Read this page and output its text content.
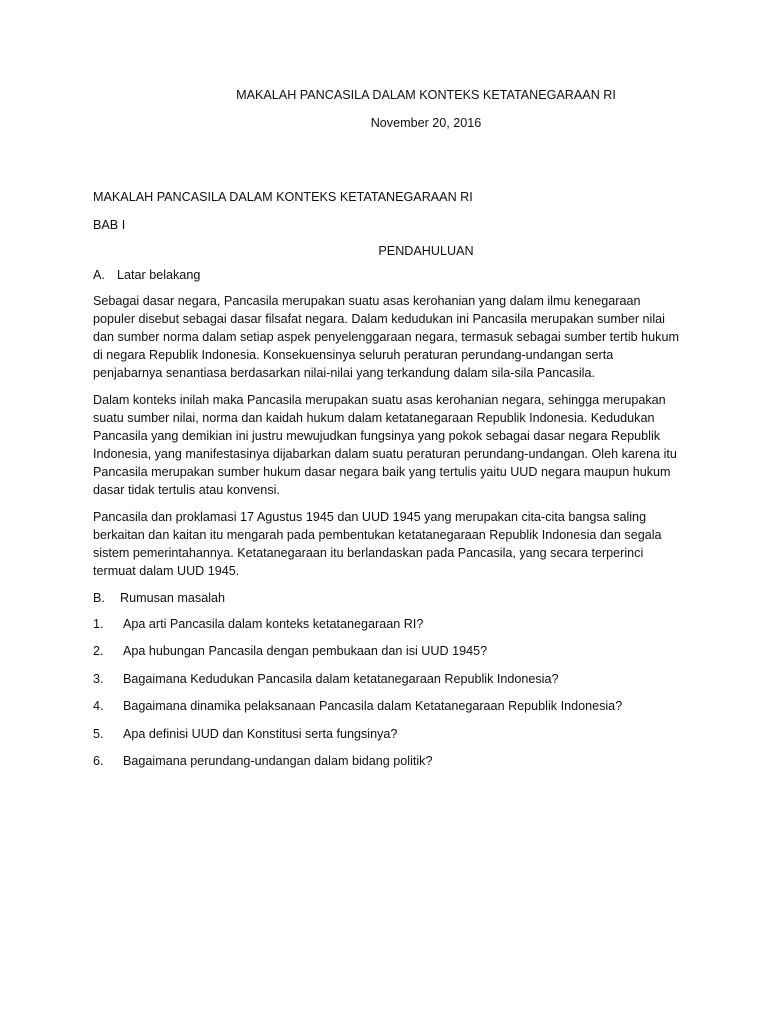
MAKALAH PANCASILA DALAM KONTEKS KETATANEGARAAN RI
November 20, 2016
MAKALAH PANCASILA DALAM KONTEKS KETATANEGARAAN RI
BAB I
PENDAHULUAN
A. Latar belakang

Sebagai dasar negara, Pancasila merupakan suatu asas kerohanian yang dalam ilmu kenegaraan populer disebut sebagai dasar filsafat negara. Dalam kedudukan ini Pancasila merupakan sumber nilai dan sumber norma dalam setiap aspek penyelenggaraan negara, termasuk sebagai sumber tertib hukum di negara Republik Indonesia. Konsekuensinya seluruh peraturan perundang-undangan serta penjabarnya senantiasa berdasarkan nilai-nilai yang terkandung dalam sila-sila Pancasila.

Dalam konteks inilah maka Pancasila merupakan suatu asas kerohanian negara, sehingga merupakan suatu sumber nilai, norma dan kaidah hukum dalam ketatanegaraan Republik Indonesia. Kedudukan Pancasila yang demikian ini justru mewujudkan fungsinya yang pokok sebagai dasar negara Republik Indonesia, yang manifestasinya dijabarkan dalam suatu peraturan perundang-undangan. Oleh karena itu Pancasila merupakan sumber hukum dasar negara baik yang tertulis yaitu UUD negara maupun hukum dasar tidak tertulis atau konvensi.

Pancasila dan proklamasi 17 Agustus 1945 dan UUD 1945 yang merupakan cita-cita bangsa saling berkaitan dan kaitan itu mengarah pada pembentukan ketatanegaraan Republik Indonesia dan segala sistem pemerintahannya. Ketatanegaraan itu berlandaskan pada Pancasila, yang secara terperinci termuat dalam UUD 1945.

B.	Rumusan masalah
1.	Apa arti Pancasila dalam konteks ketatanegaraan RI?
2.	Apa hubungan Pancasila dengan pembukaan dan isi UUD 1945?
3.	Bagaimana Kedudukan Pancasila dalam ketatanegaraan Republik Indonesia?
4.	Bagaimana dinamika pelaksanaan Pancasila dalam Ketatanegaraan Republik Indonesia?
5.	Apa definisi UUD dan Konstitusi serta fungsinya?
6.	Bagaimana perundang-undangan dalam bidang politik?
